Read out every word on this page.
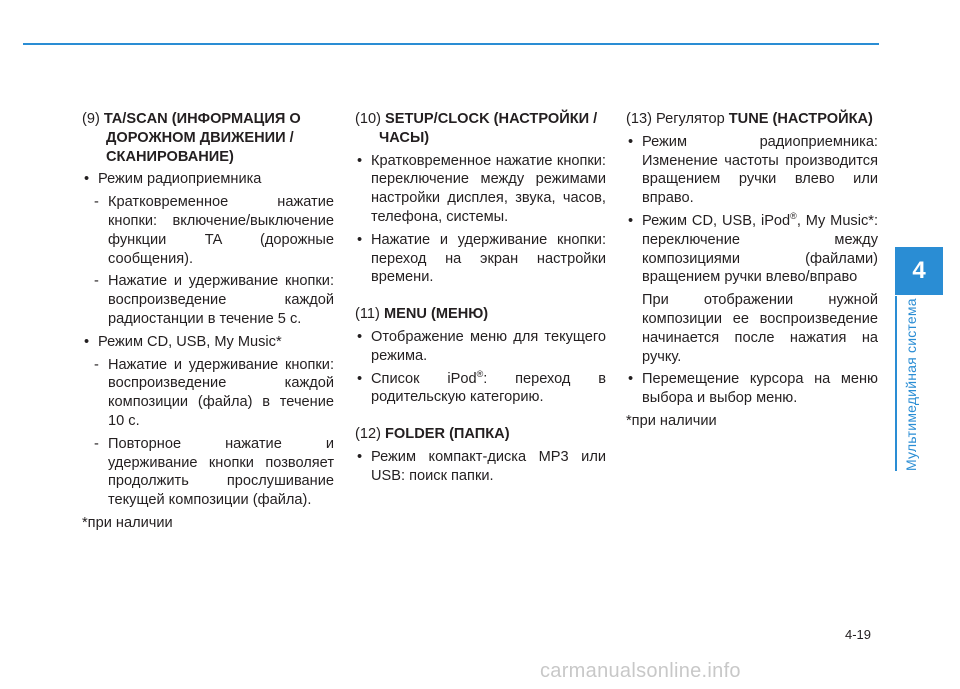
4
Мультимедийная система
(9) TA/SCAN (ИНФОРМАЦИЯ О ДОРОЖНОМ ДВИЖЕНИИ /СКАНИРОВАНИЕ)
• Режим радиоприемника
- Кратковременное нажатие кнопки: включение/выключение функции TA (дорожные сообщения).
- Нажатие и удерживание кнопки: воспроизведение каждой радиостанции в течение 5 с.
• Режим CD, USB, My Music*
- Нажатие и удерживание кнопки: воспроизведение каждой композиции (файла) в течение 10 с.
- Повторное нажатие и удерживание кнопки позволяет продолжить прослушивание текущей композиции (файла).
*при наличии
(10) SETUP/CLOCK (НАСТРОЙКИ /ЧАСЫ)
• Кратковременное нажатие кнопки: переключение между режимами настройки дисплея, звука, часов, телефона, системы.
• Нажатие и удерживание кнопки: переход на экран настройки времени.
(11) MENU (МЕНЮ)
• Отображение меню для текущего режима.
• Список iPod®: переход в родительскую категорию.
(12) FOLDER (ПАПКА)
• Режим компакт-диска MP3 или USB: поиск папки.
(13) Регулятор TUNE (НАСТРОЙКА)
• Режим радиоприемника: Изменение частоты производится вращением ручки влево или вправо.
• Режим CD, USB, iPod®, My Music*: переключение между композициями (файлами) вращением ручки влево/вправо
При отображении нужной композиции ее воспроизведение начинается после нажатия на ручку.
• Перемещение курсора на меню выбора и выбор меню.
*при наличии
4-19
carmanualsonline.info
